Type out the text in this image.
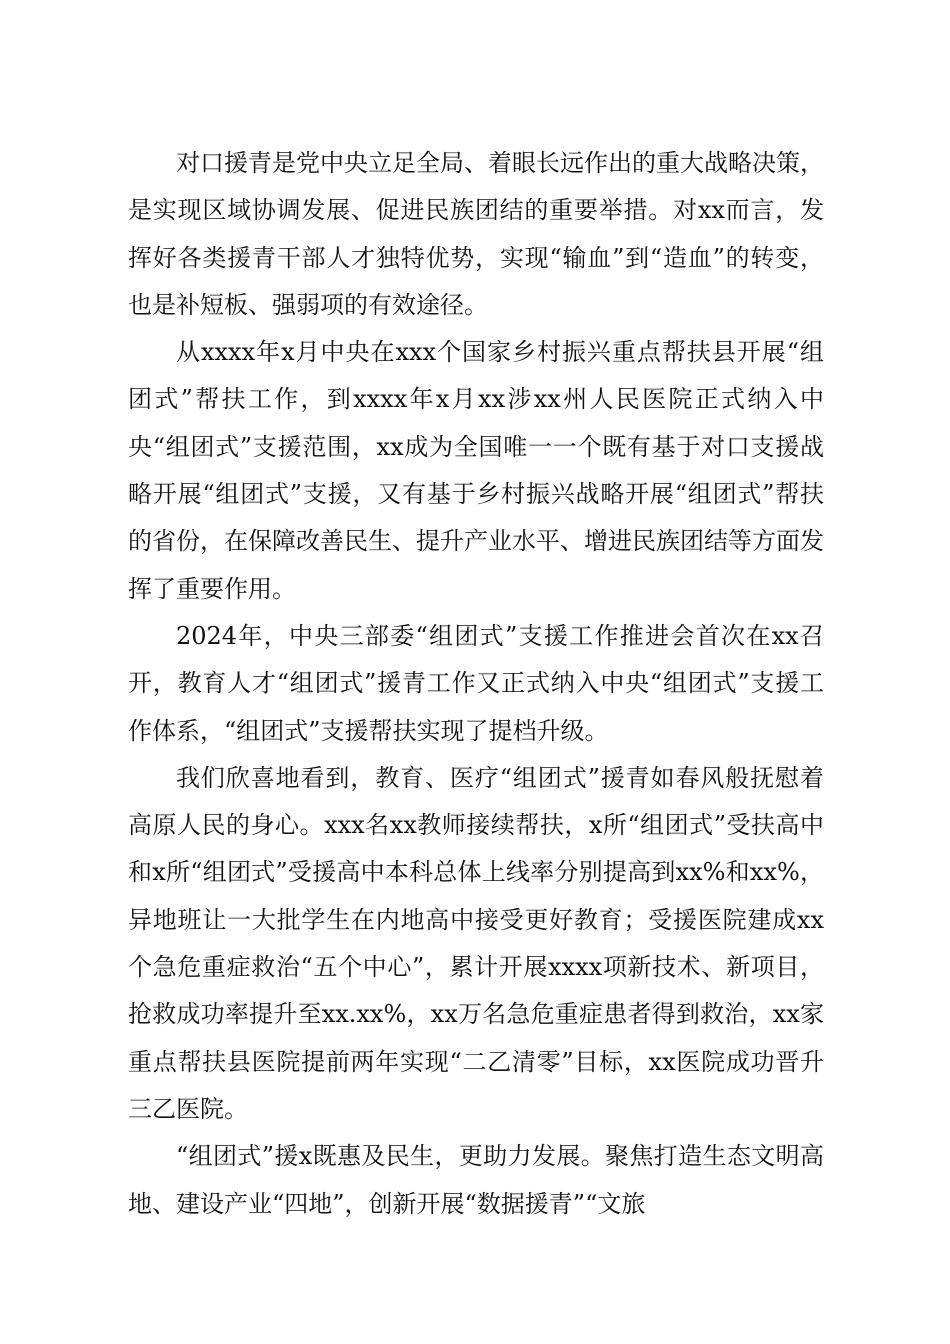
对口援青是党中央立足全局、着眼长远作出的重大战略决策，是实现区域协调发展、促进民族团结的重要举措。对xx而言，发挥好各类援青干部人才独特优势，实现“输血”到“造血”的转变，也是补短板、强弱项的有效途径。

从xxxx年x月中央在xxx个国家乡村振兴重点帮扶县开展“组团式”帮扶工作，到xxxx年x月xx涉xx州人民医院正式纳入中央“组团式”支援范围，xx成为全国唯一一个既有基于对口支援战略开展“组团式”支援，又有基于乡村振兴战略开展“组团式”帮扶的省份，在保障改善民生、提升产业水平、增进民族团结等方面发挥了重要作用。

2024年，中央三部委“组团式”支援工作推进会首次在xx召开，教育人才“组团式”援青工作又正式纳入中央“组团式”支援工作体系，“组团式”支援帮扶实现了提档升级。

我们欣喜地看到，教育、医疗“组团式”援青如春风般抚慰着高原人民的身心。xxx名xx教师接续帮扶，x所“组团式”受扶高中和x所“组团式”受援高中本科总体上线率分别提高到xx%和xx%，异地班让一大批学生在内地高中接受更好教育；受援医院建成xx个急危重症救治“五个中心”，累计开展xxxx项新技术、新项目，抢救成功率提升至xx.xx%，xx万名急危重症患者得到救治，xx家重点帮扶县医院提前两年实现“二乙清零”目标，xx医院成功晋升三乙医院。

“组团式”援x既惠及民生，更助力发展。聚焦打造生态文明高地、建设产业“四地”，创新开展“数据援青”“文旅
